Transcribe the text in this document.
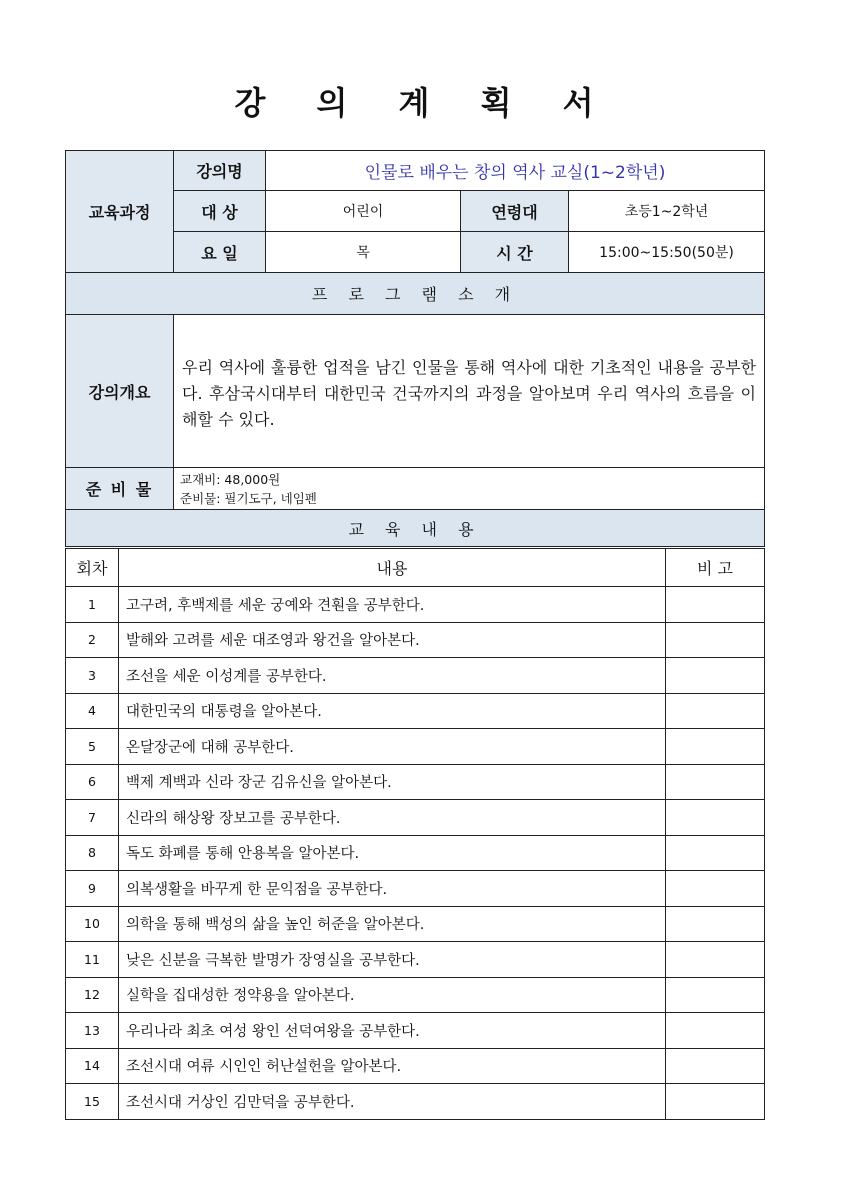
강 의 계 획 서
교육과정	강의명	인물로 배우는 창의 역사 교실(1~2학년)		
	대 상	어린이	연령대	초등1~2학년
	요 일	목	시 간	15:00~15:50(50분)
프 로 그 램 소 개				
강의개요	우리 역사에 훌륭한 업적을 남긴 인물을 통해 역사에 대한 기초적인 내용을 공부한다. 후삼국시대부터 대한민국 건국까지의 과정을 알아보며 우리 역사의 흐름을 이해할 수 있다.			
준 비 물	교재비: 48,000원
준비물: 필기도구, 네임펜			

교 육 내 용				
회차	내용	비 고
1	고구려, 후백제를 세운 궁예와 견훤을 공부한다.	
2	발해와 고려를 세운 대조영과 왕건을 알아본다.	
3	조선을 세운 이성계를 공부한다.	
4	대한민국의 대통령을 알아본다.	
5	온달장군에 대해 공부한다.	
6	백제 계백과 신라 장군 김유신을 알아본다.	
7	신라의 해상왕 장보고를 공부한다.	
8	독도 화폐를 통해 안용복을 알아본다.	
9	의복생활을 바꾸게 한 문익점을 공부한다.	
10	의학을 통해 백성의 삶을 높인 허준을 알아본다.	
11	낮은 신분을 극복한 발명가 장영실을 공부한다.	
12	실학을 집대성한 정약용을 알아본다.	
13	우리나라 최초 여성 왕인 선덕여왕을 공부한다.	
14	조선시대 여류 시인인 허난설헌을 알아본다.	
15	조선시대 거상인 김만덕을 공부한다.	
